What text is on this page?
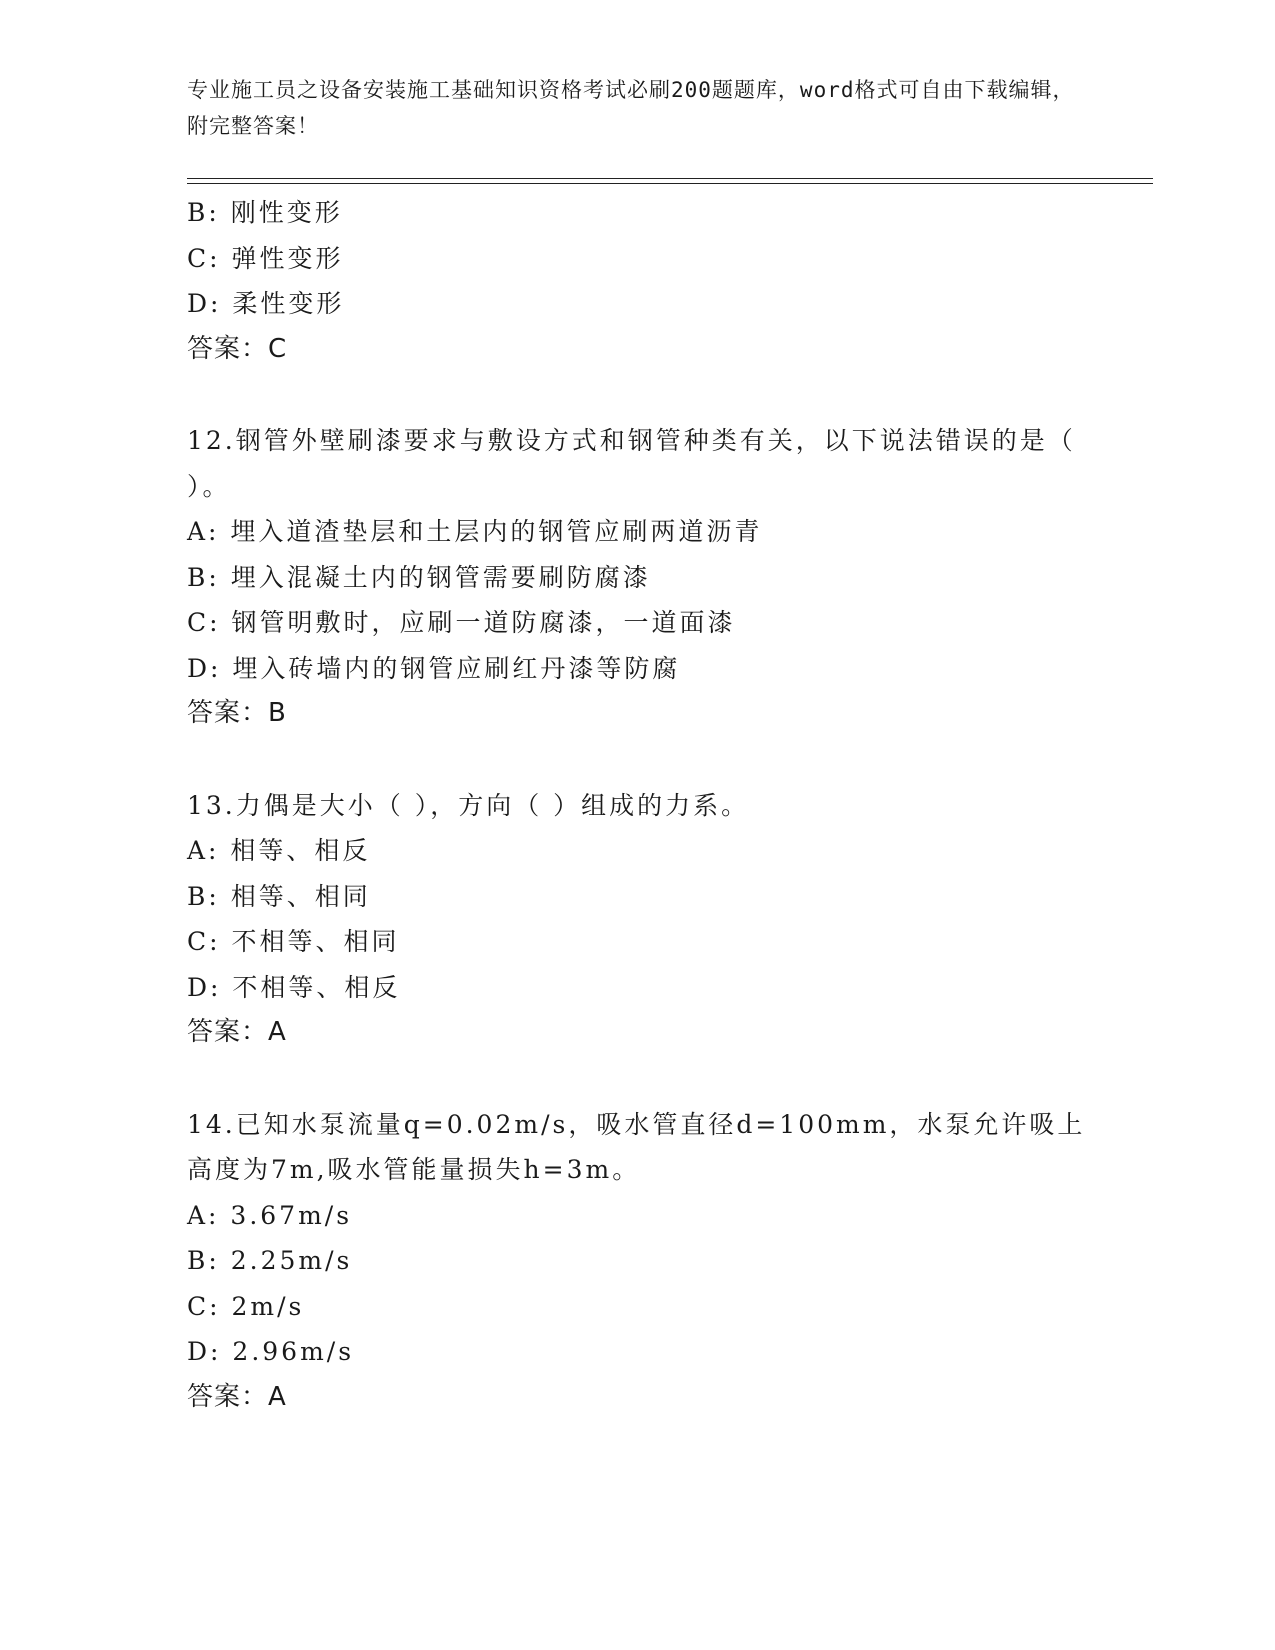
专业施工员之设备安装施工基础知识资格考试必刷200题题库，word格式可自由下载编辑，附完整答案！
B: 刚性变形
C: 弹性变形
D: 柔性变形
答案：C
12.钢管外壁刷漆要求与敷设方式和钢管种类有关，以下说法错误的是（ ）。
A: 埋入道渣垫层和土层内的钢管应刷两道沥青
B: 埋入混凝土内的钢管需要刷防腐漆
C: 钢管明敷时，应刷一道防腐漆，一道面漆
D: 埋入砖墙内的钢管应刷红丹漆等防腐
答案：B
13.力偶是大小（ ），方向（ ）组成的力系。
A: 相等、相反
B: 相等、相同
C: 不相等、相同
D: 不相等、相反
答案：A
14.已知水泵流量q=0.02m/s，吸水管直径d=100mm，水泵允许吸上高度为7m,吸水管能量损失h=3m。
A: 3.67m/s
B: 2.25m/s
C: 2m/s
D: 2.96m/s
答案：A
